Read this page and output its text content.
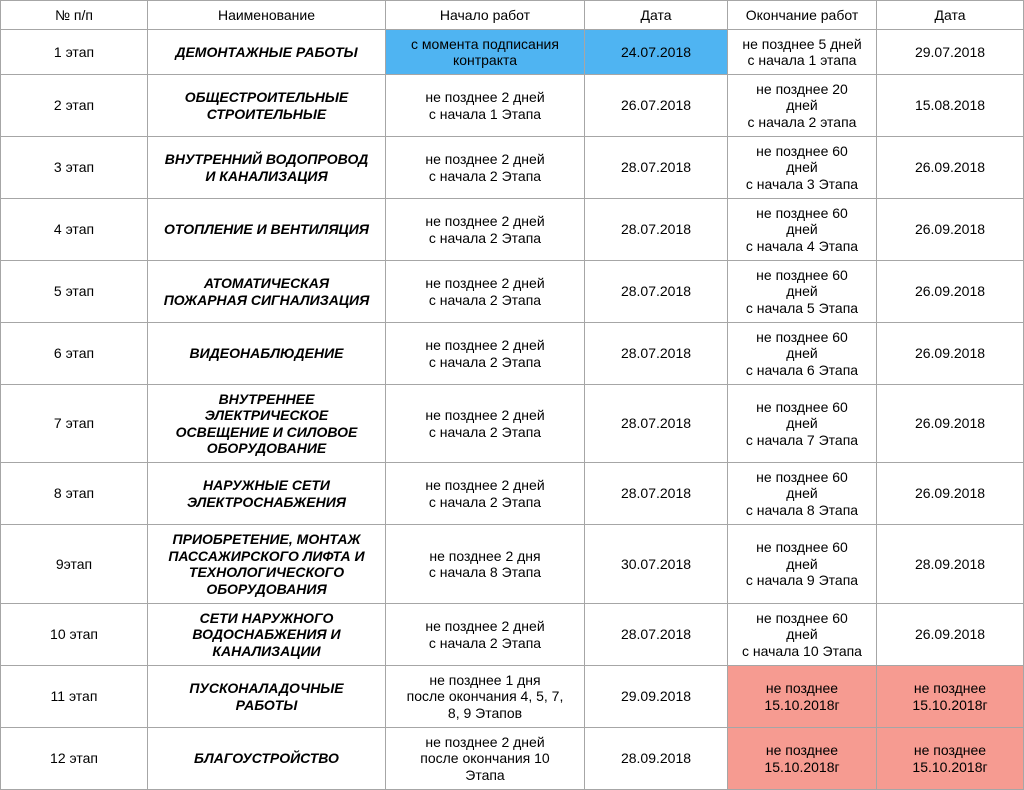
№ п/п	Наименование	Начало работ	Дата	Окончание работ	Дата

1 этап	ДЕМОНТАЖНЫЕ РАБОТЫ	с момента подписания
контракта	24.07.2018	не позднее 5 дней
с начала 1 этапа	29.07.2018

2 этап	ОБЩЕСТРОИТЕЛЬНЫЕ
СТРОИТЕЛЬНЫЕ	не позднее 2 дней
с начала 1 Этапа	26.07.2018	не позднее 20
дней
с начала 2 этапа	15.08.2018

3 этап	ВНУТРЕННИЙ ВОДОПРОВОД
И КАНАЛИЗАЦИЯ	не позднее 2 дней
с начала 2 Этапа	28.07.2018	не позднее 60
дней
с начала 3 Этапа	26.09.2018

4 этап	ОТОПЛЕНИЕ И ВЕНТИЛЯЦИЯ	не позднее 2 дней
с начала 2 Этапа	28.07.2018	не позднее 60
дней
с начала 4 Этапа	26.09.2018

5 этап	АТОМАТИЧЕСКАЯ
ПОЖАРНАЯ СИГНАЛИЗАЦИЯ	не позднее 2 дней
с начала 2 Этапа	28.07.2018	не позднее 60
дней
с начала 5 Этапа	26.09.2018

6 этап	ВИДЕОНАБЛЮДЕНИЕ	не позднее 2 дней
с начала 2 Этапа	28.07.2018	не позднее 60
дней
с начала 6 Этапа	26.09.2018

7 этап	ВНУТРЕННЕЕ
ЭЛЕКТРИЧЕСКОЕ
ОСВЕЩЕНИЕ И СИЛОВОЕ
ОБОРУДОВАНИЕ	не позднее 2 дней
с начала 2 Этапа	28.07.2018	не позднее 60
дней
с начала 7 Этапа	26.09.2018

8 этап	НАРУЖНЫЕ СЕТИ
ЭЛЕКТРОСНАБЖЕНИЯ	не позднее 2 дней
с начала 2 Этапа	28.07.2018	не позднее 60
дней
с начала 8 Этапа	26.09.2018

9этап	ПРИОБРЕТЕНИЕ, МОНТАЖ
ПАССАЖИРСКОГО ЛИФТА И
ТЕХНОЛОГИЧЕСКОГО
ОБОРУДОВАНИЯ	не позднее 2 дня
с начала 8 Этапа	30.07.2018	не позднее 60
дней
с начала 9 Этапа	28.09.2018

10 этап	СЕТИ НАРУЖНОГО
ВОДОСНАБЖЕНИЯ И
КАНАЛИЗАЦИИ	не позднее 2 дней
с начала 2 Этапа	28.07.2018	не позднее 60
дней
с начала 10 Этапа	26.09.2018

11 этап	ПУСКОНАЛАДОЧНЫЕ
РАБОТЫ	не позднее 1 дня
после окончания 4, 5, 7,
8, 9 Этапов	29.09.2018	не позднее
15.10.2018г	не позднее
15.10.2018г

12 этап	БЛАГОУСТРОЙСТВО	не позднее 2 дней
после окончания 10
Этапа	28.09.2018	не позднее
15.10.2018г	не позднее
15.10.2018г
